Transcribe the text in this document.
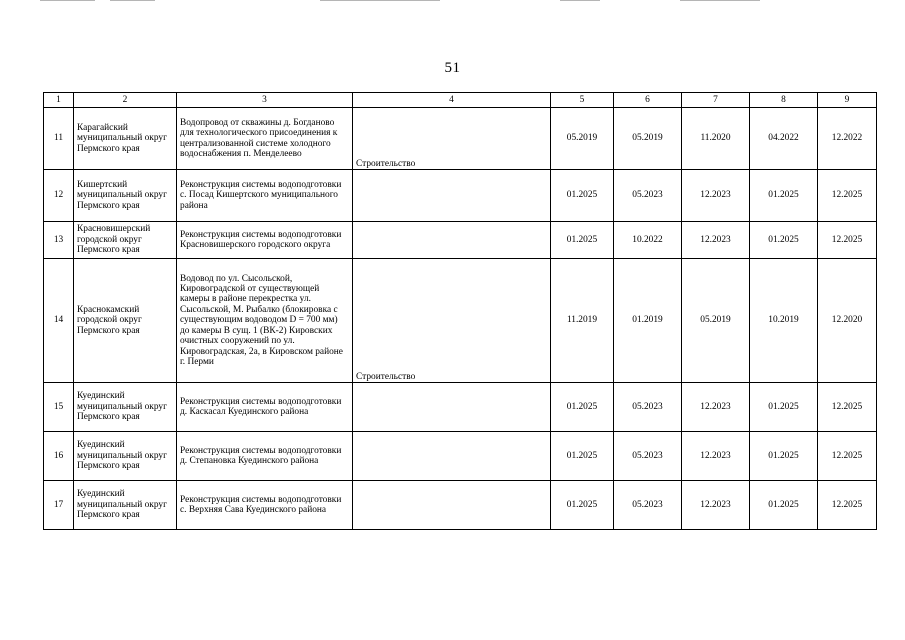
51
1	2	3	4	5	6	7	8	9
11	Карагайский муниципальный округ Пермского края	Водопровод от скважины д. Богданово для технологического присоединения к централизованной системе холодного водоснабжения п. Менделеево	Строительство	05.2019	05.2019	11.2020	04.2022	12.2022
12	Кишертский муниципальный округ Пермского края	Реконструкция системы водоподготовки с. Посад Кишертского муниципального района		01.2025	05.2023	12.2023	01.2025	12.2025
13	Красновишерский городской округ Пермского края	Реконструкция системы водоподготовки Красновишерского городского округа		01.2025	10.2022	12.2023	01.2025	12.2025
14	Краснокамский городской округ Пермского края	Водовод по ул. Сысольской, Кировоградской от существующей камеры в районе перекрестка ул. Сысольской, М. Рыбалко (блокировка с существующим водоводом D = 700 мм) до камеры В сущ. 1 (ВК-2) Кировских очистных сооружений по ул. Кировоградская, 2а, в Кировском районе г. Перми	Строительство	11.2019	01.2019	05.2019	10.2019	12.2020
15	Куединский муниципальный округ Пермского края	Реконструкция системы водоподготовки д. Каскасал Куединского района		01.2025	05.2023	12.2023	01.2025	12.2025
16	Куединский муниципальный округ Пермского края	Реконструкция системы водоподготовки д. Степановка Куединского района		01.2025	05.2023	12.2023	01.2025	12.2025
17	Куединский муниципальный округ Пермского края	Реконструкция системы водоподготовки с. Верхняя Сава Куединского района		01.2025	05.2023	12.2023	01.2025	12.2025
